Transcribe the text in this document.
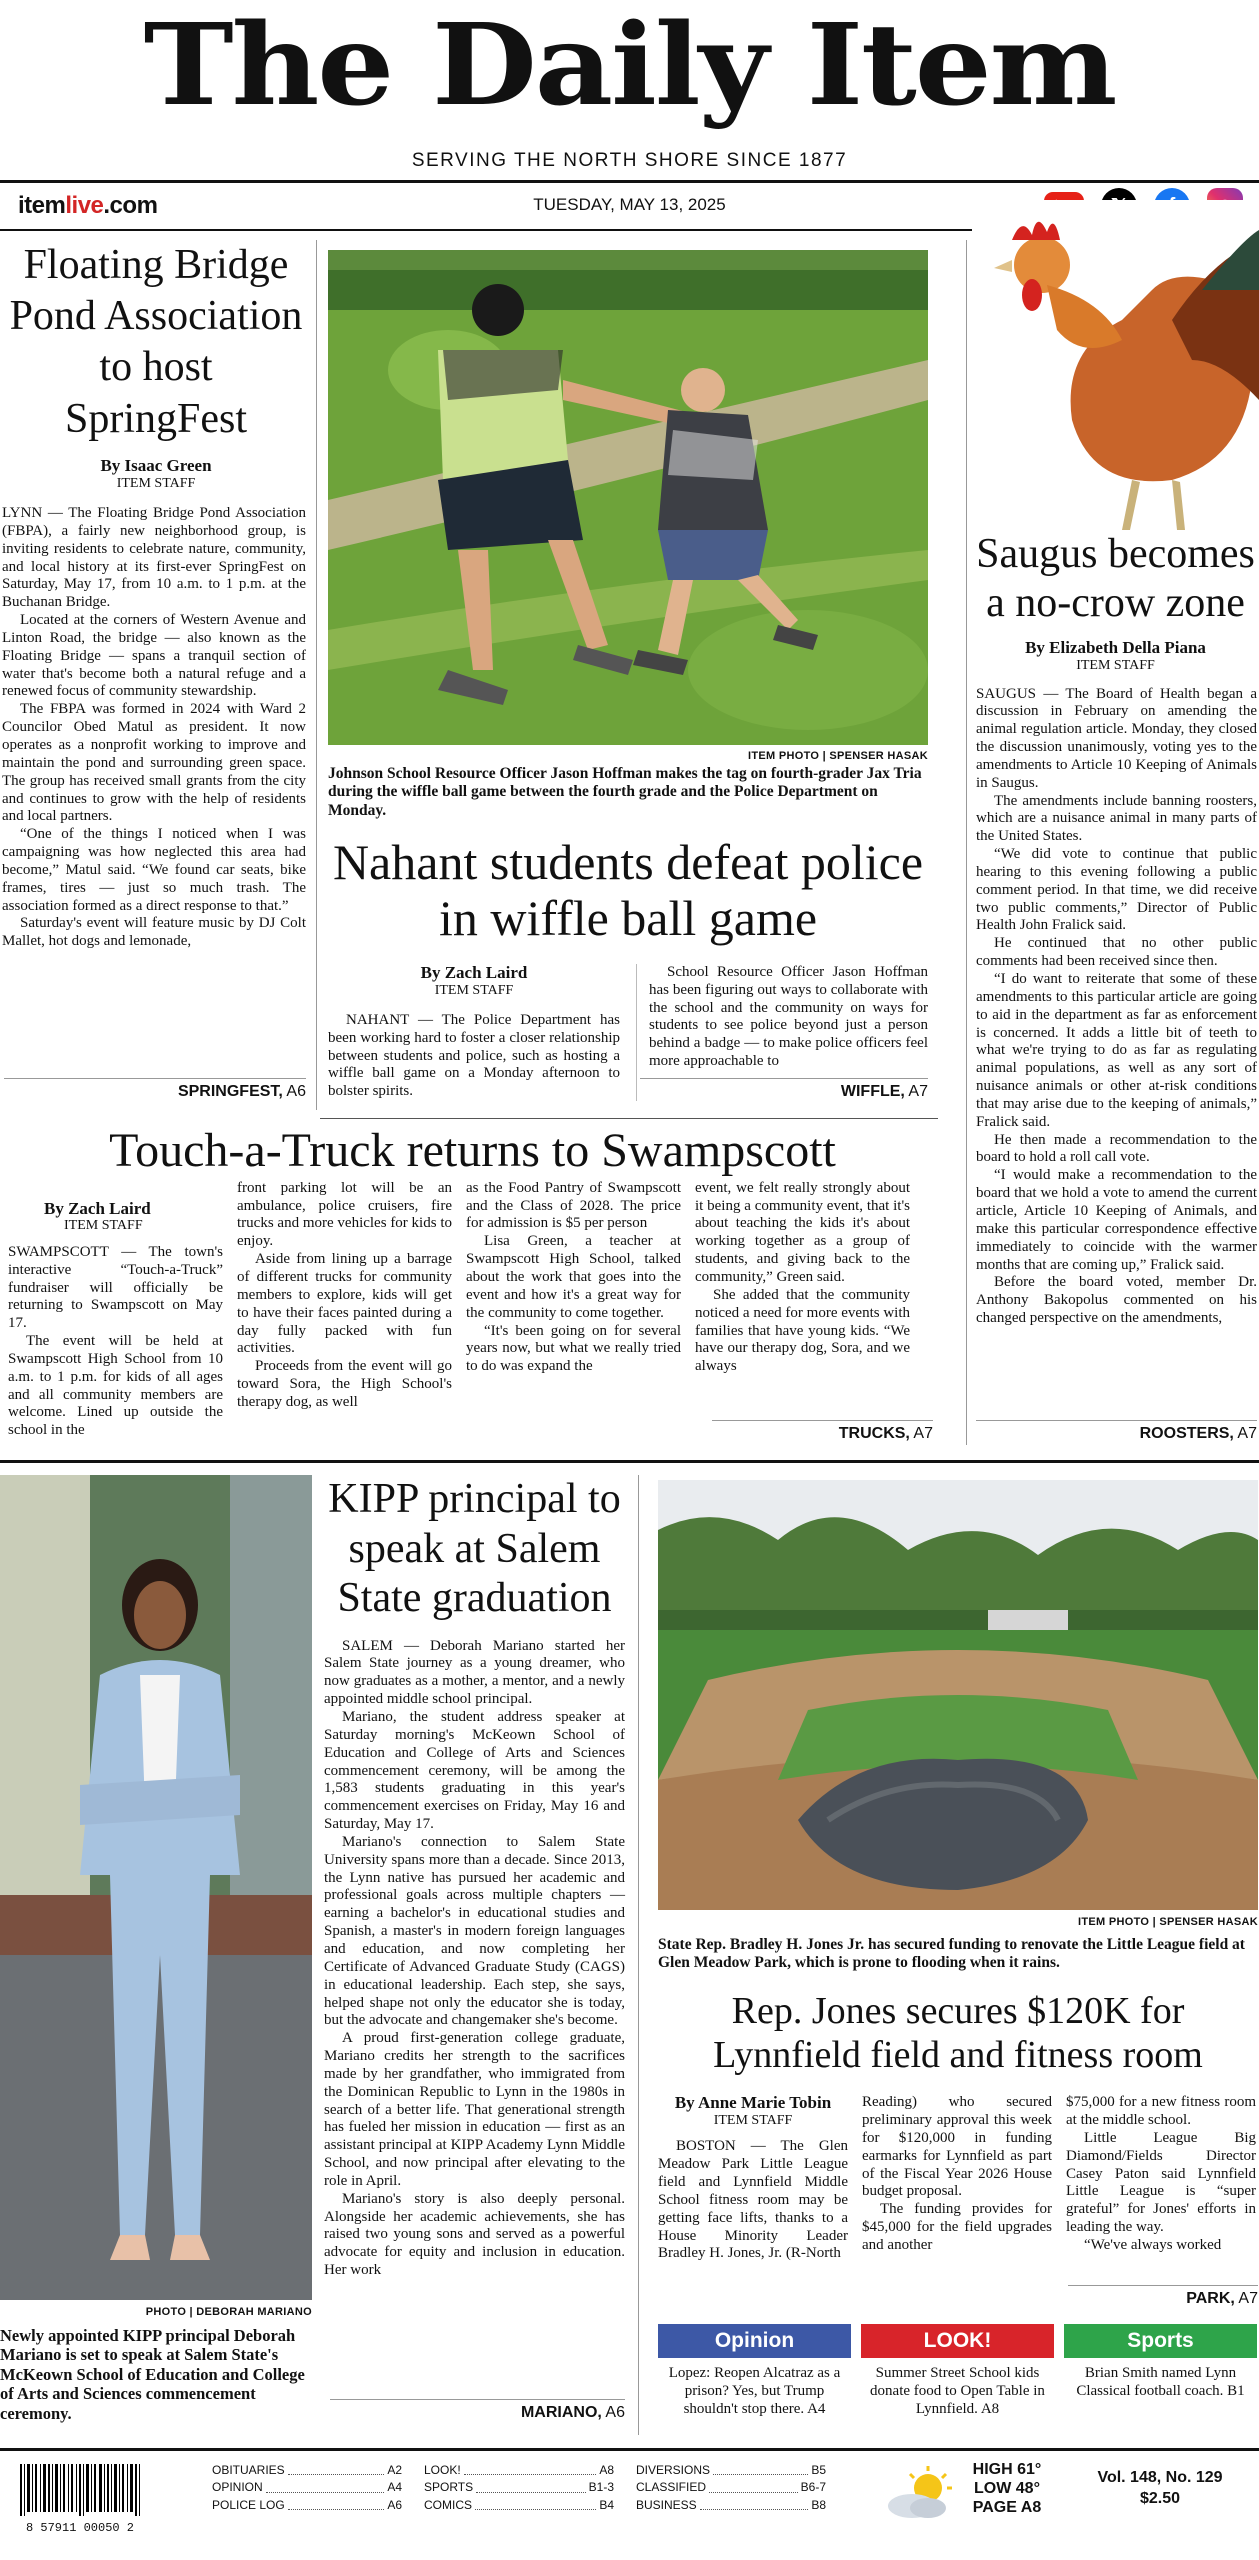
The Daily Item
SERVING THE NORTH SHORE SINCE 1877
itemlive.com	TUESDAY, MAY 13, 2025
Floating Bridge Pond Association to host SpringFest
By Isaac Green
ITEM STAFF

LYNN — The Floating Bridge Pond Association (FBPA), a fairly new neighborhood group, is inviting residents to celebrate nature, community, and local history at its first-ever SpringFest on Saturday, May 17, from 10 a.m. to 1 p.m. at the Buchanan Bridge.

Located at the corners of Western Avenue and Linton Road, the bridge — also known as the Floating Bridge — spans a tranquil section of water that's become both a natural refuge and a renewed focus of community stewardship.

The FBPA was formed in 2024 with Ward 2 Councilor Obed Matul as president. It now operates as a nonprofit working to improve and maintain the pond and surrounding green space. The group has received small grants from the city and continues to grow with the help of residents and local partners.

“One of the things I noticed when I was campaigning was how neglected this area had become,” Matul said. “We found car seats, bike frames, tires — just so much trash. The association formed as a direct response to that.”

Saturday's event will feature music by DJ Colt Mallet, hot dogs and lemonade,

SPRINGFEST, A6
ITEM PHOTO | SPENSER HASAK
Johnson School Resource Officer Jason Hoffman makes the tag on fourth-grader Jax Tria during the wiffle ball game between the fourth grade and the Police Department on Monday.
Nahant students defeat police in wiffle ball game
By Zach Laird
ITEM STAFF

NAHANT — The Police Department has been working hard to foster a closer relationship between students and police, such as hosting a wiffle ball game on a Monday afternoon to bolster spirits.

School Resource Officer Jason Hoffman has been figuring out ways to collaborate with the school and the community on ways for students to see police beyond just a person behind a badge — to make police officers feel more approachable to

WIFFLE, A7
Saugus becomes a no-crow zone
By Elizabeth Della Piana
ITEM STAFF

SAUGUS — The Board of Health began a discussion in February on amending the animal regulation article. Monday, they closed the discussion unanimously, voting yes to the amendments to Article 10 Keeping of Animals in Saugus.

The amendments include banning roosters, which are a nuisance animal in many parts of the United States.

“We did vote to continue that public hearing to this evening following a public comment period. In that time, we did receive two public comments,” Director of Public Health John Fralick said.

He continued that no other public comments had been received since then.

“I do want to reiterate that some of these amendments to this particular article are going to aid in the department as far as enforcement is concerned. It adds a little bit of teeth to what we're trying to do as far as regulating animal populations, as well as any sort of nuisance animals or other at-risk conditions that may arise due to the keeping of animals,” Fralick said.

He then made a recommendation to the board to hold a roll call vote.

“I would make a recommendation to the board that we hold a vote to amend the current article, Article 10 Keeping of Animals, and make this particular correspondence effective immediately to coincide with the warmer months that are coming up,” Fralick said.

Before the board voted, member Dr. Anthony Bakopolus commented on his changed perspective on the amendments,

ROOSTERS, A7
Touch-a-Truck returns to Swampscott
By Zach Laird
ITEM STAFF

SWAMPSCOTT — The town's interactive “Touch-a-Truck” fundraiser will officially be returning to Swampscott on May 17.

The event will be held at Swampscott High School from 10 a.m. to 1 p.m. for kids of all ages and all community members are welcome. Lined up outside the school in the

front parking lot will be an ambulance, police cruisers, fire trucks and more vehicles for kids to enjoy.

Aside from lining up a barrage of different trucks for community members to explore, kids will get to have their faces painted during a day fully packed with fun activities.

Proceeds from the event will go toward Sora, the High School's therapy dog, as well

as the Food Pantry of Swampscott and the Class of 2028. The price for admission is $5 per person

Lisa Green, a teacher at Swampscott High School, talked about the work that goes into the event and how it's a great way for the community to come together.

“It's been going on for several years now, but what we really tried to do was expand the

event, we felt really strongly about it being a community event, that it's about teaching the kids it's about working together as a group of students, and giving back to the community,” Green said.

She added that the community noticed a need for more events with families that have young kids. “We have our therapy dog, Sora, and we always

TRUCKS, A7
PHOTO | DEBORAH MARIANO
Newly appointed KIPP principal Deborah Mariano is set to speak at Salem State's McKeown School of Education and College of Arts and Sciences commencement ceremony.
KIPP principal to speak at Salem State graduation

SALEM — Deborah Mariano started her Salem State journey as a young dreamer, who now graduates as a mother, a mentor, and a newly appointed middle school principal.

Mariano, the student address speaker at Saturday morning's McKeown School of Education and College of Arts and Sciences commencement ceremony, will be among the 1,583 students graduating in this year's commencement exercises on Friday, May 16 and Saturday, May 17.

Mariano's connection to Salem State University spans more than a decade. Since 2013, the Lynn native has pursued her academic and professional goals across multiple chapters — earning a bachelor's in educational studies and Spanish, a master's in modern foreign languages and education, and now completing her Certificate of Advanced Graduate Study (CAGS) in educational leadership. Each step, she says, helped shape not only the educator she is today, but the advocate and changemaker she's become.

A proud first-generation college graduate, Mariano credits her strength to the sacrifices made by her grandfather, who immigrated from the Dominican Republic to Lynn in the 1980s in search of a better life. That generational strength has fueled her mission in education — first as an assistant principal at KIPP Academy Lynn Middle School, and now principal after elevating to the role in April.

Mariano's story is also deeply personal. Alongside her academic achievements, she has raised two young sons and served as a powerful advocate for equity and inclusion in education. Her work

MARIANO, A6
ITEM PHOTO | SPENSER HASAK
State Rep. Bradley H. Jones Jr. has secured funding to renovate the Little League field at Glen Meadow Park, which is prone to flooding when it rains.
Rep. Jones secures $120K for Lynnfield field and fitness room
By Anne Marie Tobin
ITEM STAFF

BOSTON — The Glen Meadow Park Little League field and Lynnfield Middle School fitness room may be getting face lifts, thanks to a House Minority Leader Bradley H. Jones, Jr. (R-North

Reading) who secured preliminary approval this week for $120,000 in funding earmarks for Lynnfield as part of the Fiscal Year 2026 House budget proposal.

The funding provides for $45,000 for the field upgrades and another

$75,000 for a new fitness room at the middle school.

Little League Big Diamond/Fields Director Casey Paton said Lynnfield Little League is “super grateful” for Jones' efforts in leading the way.

“We've always worked

PARK, A7
Opinion
Lopez: Reopen Alcatraz as a prison? Yes, but Trump shouldn't stop there. A4
LOOK!
Summer Street School kids donate food to Open Table in Lynnfield. A8
Sports
Brian Smith named Lynn Classical football coach. B1
8 57911 00050 2
OBITUARIES	A2
OPINION	A4
POLICE LOG	A6
LOOK!	A8
SPORTS	B1-3
COMICS	B4
DIVERSIONS	B5
CLASSIFIED	B6-7
BUSINESS	B8
HIGH 61°
LOW 48°
PAGE A8
Vol. 148, No. 129
$2.50
